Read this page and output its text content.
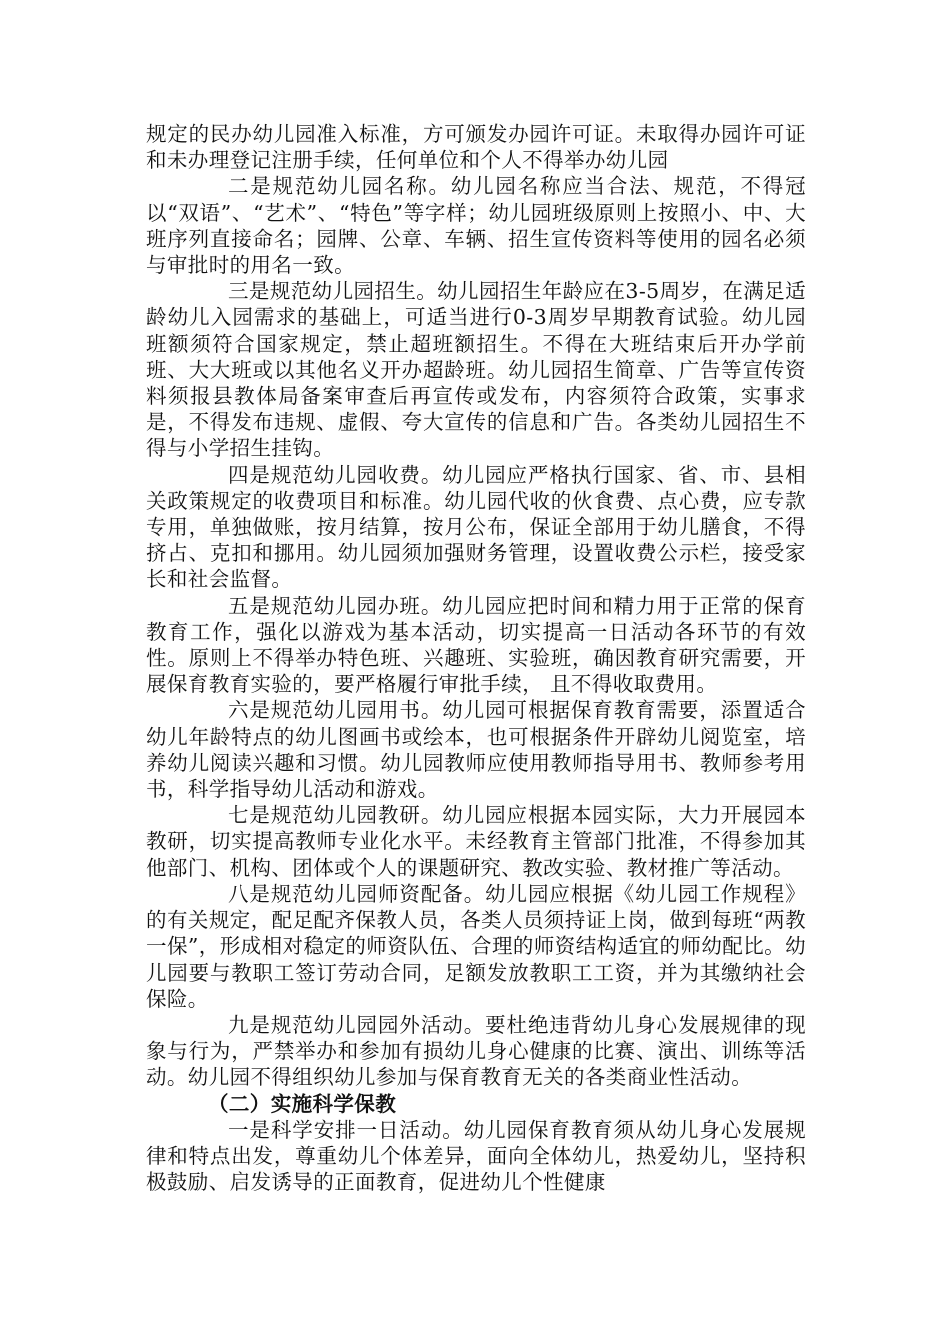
规定的民办幼儿园准入标准，方可颁发办园许可证。未取得办园许可证和未办理登记注册手续，任何单位和个人不得举办幼儿园

二是规范幼儿园名称。幼儿园名称应当合法、规范，不得冠以“双语”、“艺术”、“特色”等字样；幼儿园班级原则上按照小、中、大班序列直接命名；园牌、公章、车辆、招生宣传资料等使用的园名必须与审批时的用名一致。

三是规范幼儿园招生。幼儿园招生年龄应在3-5周岁，在满足适龄幼儿入园需求的基础上，可适当进行0-3周岁早期教育试验。幼儿园班额须符合国家规定，禁止超班额招生。不得在大班结束后开办学前班、大大班或以其他名义开办超龄班。幼儿园招生简章、广告等宣传资料须报县教体局备案审查后再宣传或发布，内容须符合政策，实事求是，不得发布违规、虚假、夸大宣传的信息和广告。各类幼儿园招生不得与小学招生挂钩。

四是规范幼儿园收费。幼儿园应严格执行国家、省、市、县相关政策规定的收费项目和标准。幼儿园代收的伙食费、点心费，应专款专用，单独做账，按月结算，按月公布，保证全部用于幼儿膳食，不得挤占、克扣和挪用。幼儿园须加强财务管理，设置收费公示栏，接受家长和社会监督。

五是规范幼儿园办班。幼儿园应把时间和精力用于正常的保育教育工作，强化以游戏为基本活动，切实提高一日活动各环节的有效性。原则上不得举办特色班、兴趣班、实验班，确因教育研究需要，开展保育教育实验的，要严格履行审批手续， 且不得收取费用。

六是规范幼儿园用书。幼儿园可根据保育教育需要，添置适合幼儿年龄特点的幼儿图画书或绘本，也可根据条件开辟幼儿阅览室，培养幼儿阅读兴趣和习惯。幼儿园教师应使用教师指导用书、教师参考用书，科学指导幼儿活动和游戏。

七是规范幼儿园教研。幼儿园应根据本园实际，大力开展园本教研，切实提高教师专业化水平。未经教育主管部门批准，不得参加其他部门、机构、团体或个人的课题研究、教改实验、教材推广等活动。

八是规范幼儿园师资配备。幼儿园应根据《幼儿园工作规程》的有关规定，配足配齐保教人员，各类人员须持证上岗，做到每班“两教一保”，形成相对稳定的师资队伍、合理的师资结构适宜的师幼配比。幼儿园要与教职工签订劳动合同，足额发放教职工工资，并为其缴纳社会保险。

九是规范幼儿园园外活动。要杜绝违背幼儿身心发展规律的现象与行为，严禁举办和参加有损幼儿身心健康的比赛、演出、训练等活动。幼儿园不得组织幼儿参加与保育教育无关的各类商业性活动。

（二）实施科学保教

一是科学安排一日活动。幼儿园保育教育须从幼儿身心发展规律和特点出发，尊重幼儿个体差异，面向全体幼儿，热爱幼儿，坚持积极鼓励、启发诱导的正面教育，促进幼儿个性健康
